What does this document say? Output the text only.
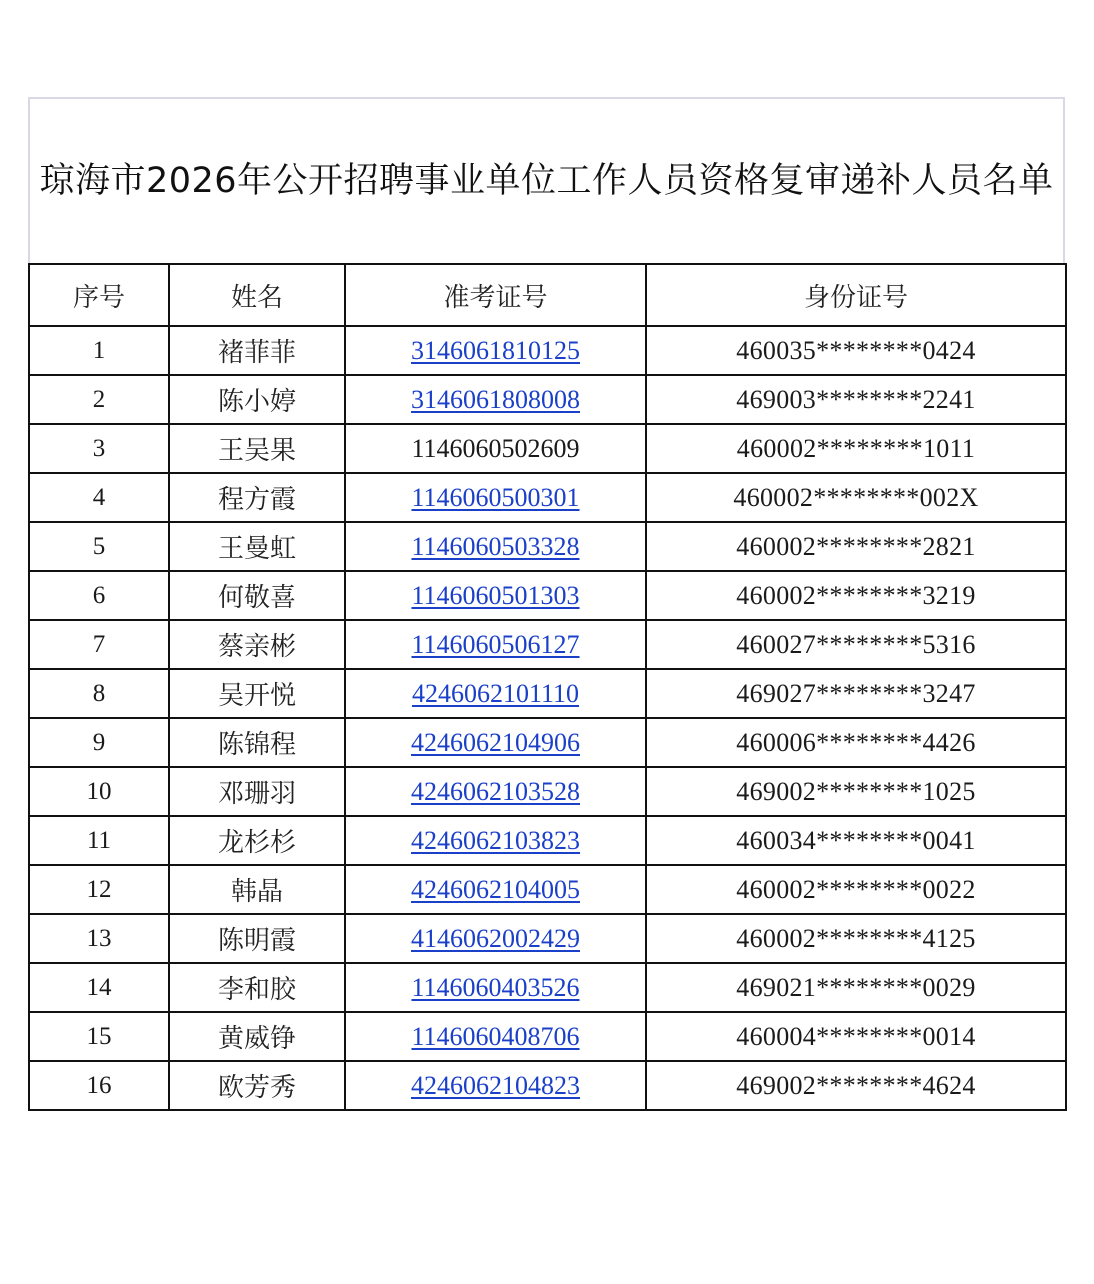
琼海市2026年公开招聘事业单位工作人员资格复审递补人员名单
序号	姓名	准考证号	身份证号
1	褚菲菲	3146061810125	460035********0424
2	陈小婷	3146061808008	469003********2241
3	王吴果	1146060502609	460002********1011
4	程方霞	1146060500301	460002********002X
5	王曼虹	1146060503328	460002********2821
6	何敬喜	1146060501303	460002********3219
7	蔡亲彬	1146060506127	460027********5316
8	吴开悦	4246062101110	469027********3247
9	陈锦程	4246062104906	460006********4426
10	邓珊羽	4246062103528	469002********1025
11	龙杉杉	4246062103823	460034********0041
12	韩晶	4246062104005	460002********0022
13	陈明霞	4146062002429	460002********4125
14	李和胶	1146060403526	469021********0029
15	黄威铮	1146060408706	460004********0014
16	欧芳秀	4246062104823	469002********4624
